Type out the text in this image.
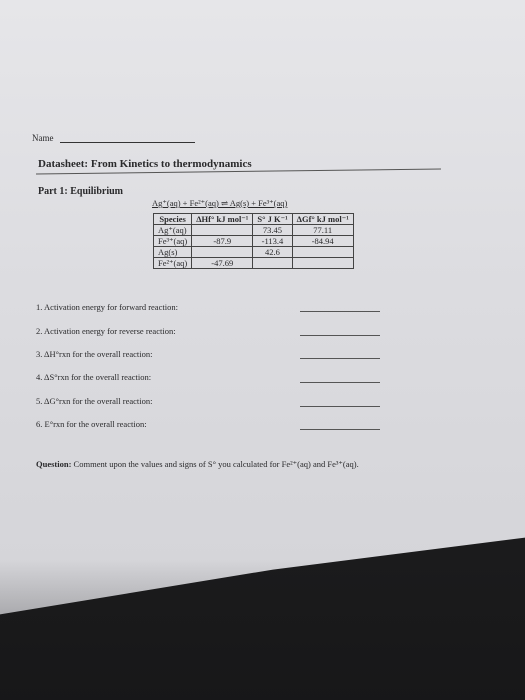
Name
Datasheet: From Kinetics to thermodynamics
Part 1: Equilibrium
Ag⁺(aq) + Fe²⁺(aq) ⇌ Ag(s) + Fe³⁺(aq)
Species	ΔHf° kJ mol⁻¹	S° J K⁻¹	ΔGf° kJ mol⁻¹
Ag⁺(aq)		73.45	77.11
Fe³⁺(aq)	-87.9	-113.4	-84.94
Ag(s)		42.6	
Fe²⁺(aq)	-47.69		
1. Activation energy for forward reaction:
2. Activation energy for reverse reaction:
3. ΔH°rxn for the overall reaction:
4. ΔS°rxn for the overall reaction:
5. ΔG°rxn for the overall reaction:
6. E°rxn for the overall reaction:
Question: Comment upon the values and signs of S° you calculated for Fe²⁺(aq) and Fe³⁺(aq).
